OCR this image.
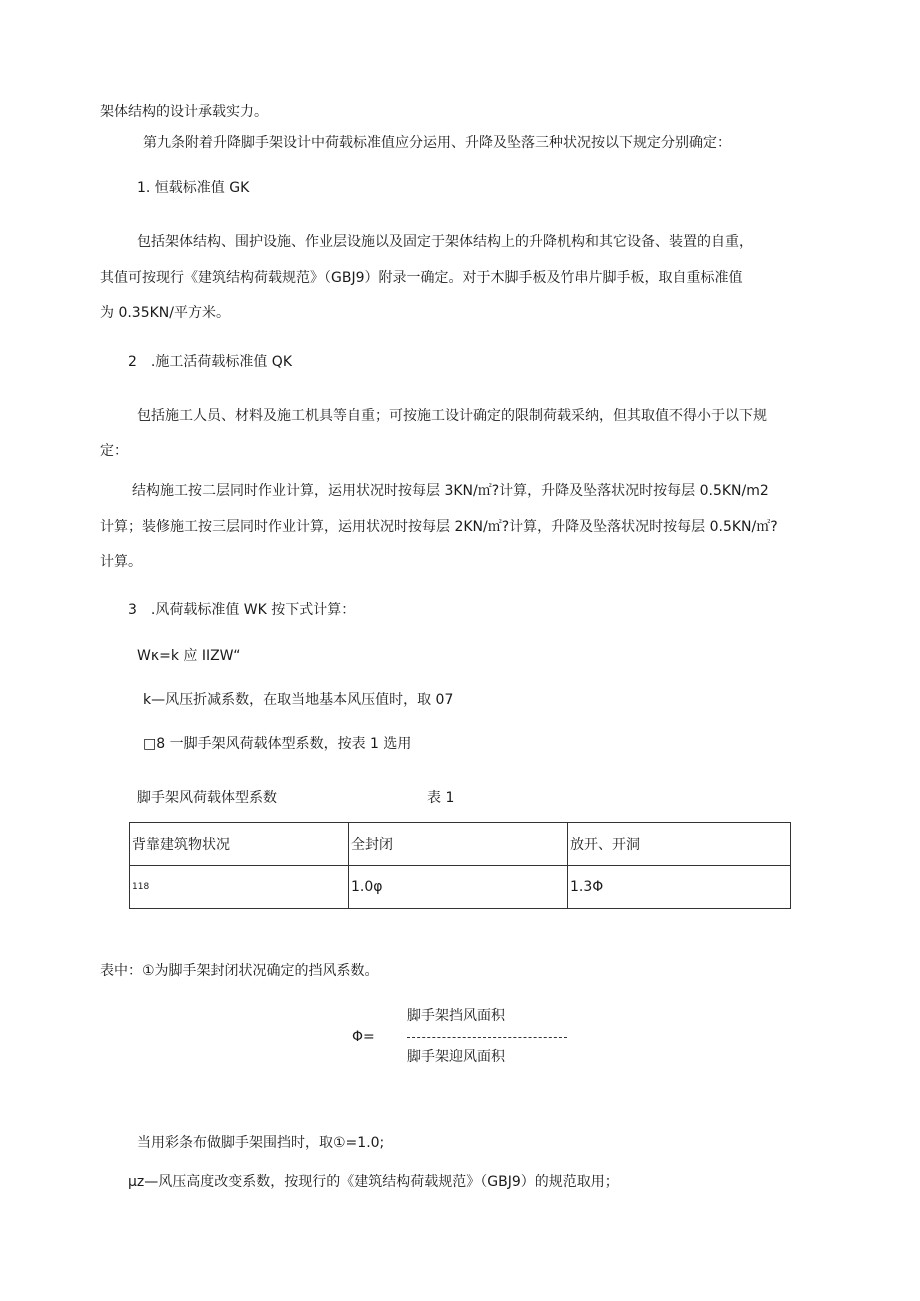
架体结构的设计承载实力。
第九条附着升降脚手架设计中荷载标准值应分运用、升降及坠落三种状况按以下规定分别确定：
1. 恒载标准值 GK
包括架体结构、围护设施、作业层设施以及固定于架体结构上的升降机构和其它设备、装置的自重，
其值可按现行《建筑结构荷载规范》（GBJ9）附录一确定。对于木脚手板及竹串片脚手板，取自重标准值
为 0.35KN/平方米。
2　.施工活荷载标准值 QK
包括施工人员、材料及施工机具等自重；可按施工设计确定的限制荷载采纳，但其取值不得小于以下规
定：
结构施工按二层同时作业计算，运用状况时按每层 3KN/㎡?计算，升降及坠落状况时按每层 0.5KN/m2
计算；装修施工按三层同时作业计算，运用状况时按每层 2KN/㎡?计算，升降及坠落状况时按每层 0.5KN/㎡?
计算。
3　.风荷载标准值 WK 按下式计算：
Wκ=k 应 IIZW“
k—风压折减系数，在取当地基本风压值时，取 07
□8 一脚手架风荷载体型系数，按表 1 选用
脚手架风荷载体型系数	表 1
背靠建筑物状况	全封闭	放开、开洞
118	1.0φ	1.3Φ
表中：①为脚手架封闭状况确定的挡风系数。
脚手架挡风面积
Φ=
脚手架迎风面积
当用彩条布做脚手架围挡时，取①=1.0;
μz—风压高度改变系数，按现行的《建筑结构荷载规范》（GBJ9）的规范取用；
